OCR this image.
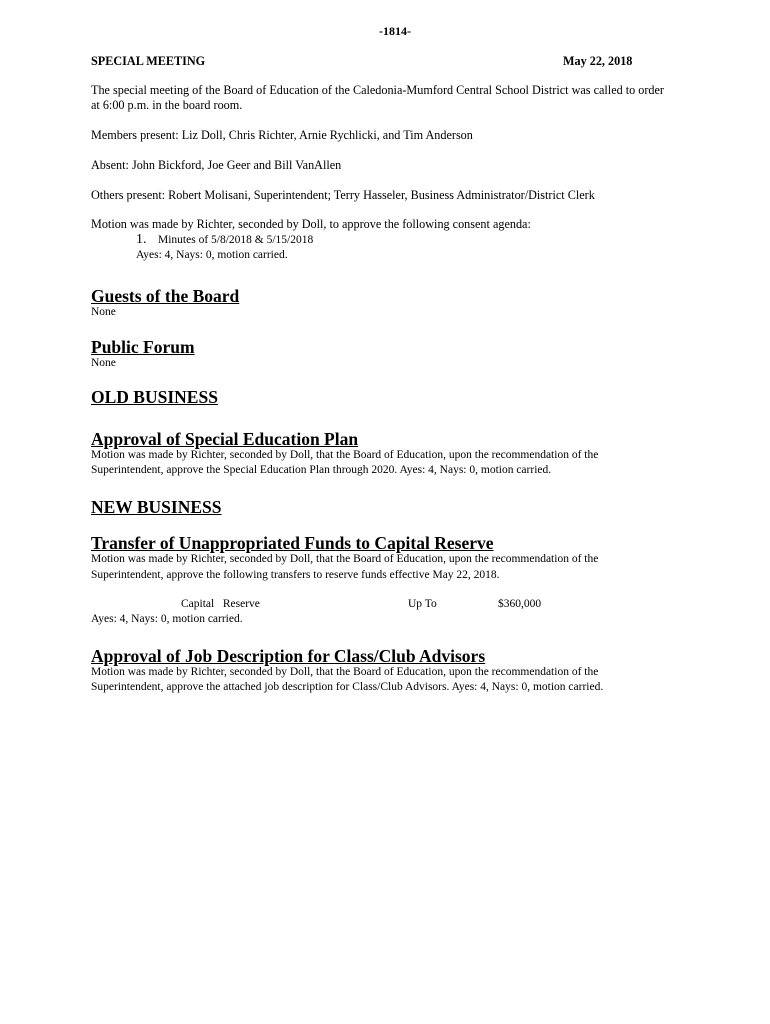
-1814-
SPECIAL MEETING	May 22, 2018
The special meeting of the Board of Education of the Caledonia-Mumford Central School District was called to order
at 6:00 p.m. in the board room.
Members present: Liz Doll, Chris Richter, Arnie Rychlicki, and Tim Anderson
Absent: John Bickford, Joe Geer and Bill VanAllen
Others present: Robert Molisani, Superintendent; Terry Hasseler, Business Administrator/District Clerk
Motion was made by Richter, seconded by Doll, to approve the following consent agenda:
1. Minutes of 5/8/2018 & 5/15/2018
Ayes: 4, Nays: 0, motion carried.
Guests of the Board
None
Public Forum
None
OLD BUSINESS
Approval of Special Education Plan
Motion was made by Richter, seconded by Doll, that the Board of Education, upon the recommendation of the
Superintendent, approve the Special Education Plan through 2020. Ayes: 4, Nays: 0, motion carried.
NEW BUSINESS
Transfer of Unappropriated Funds to Capital Reserve
Motion was made by Richter, seconded by Doll, that the Board of Education, upon the recommendation of the
Superintendent, approve the following transfers to reserve funds effective May 22, 2018.
Capital   Reserve	Up To	$360,000
Ayes: 4, Nays: 0, motion carried.
Approval of Job Description for Class/Club Advisors
Motion was made by Richter, seconded by Doll, that the Board of Education, upon the recommendation of the
Superintendent, approve the attached job description for Class/Club Advisors. Ayes: 4, Nays: 0, motion carried.
